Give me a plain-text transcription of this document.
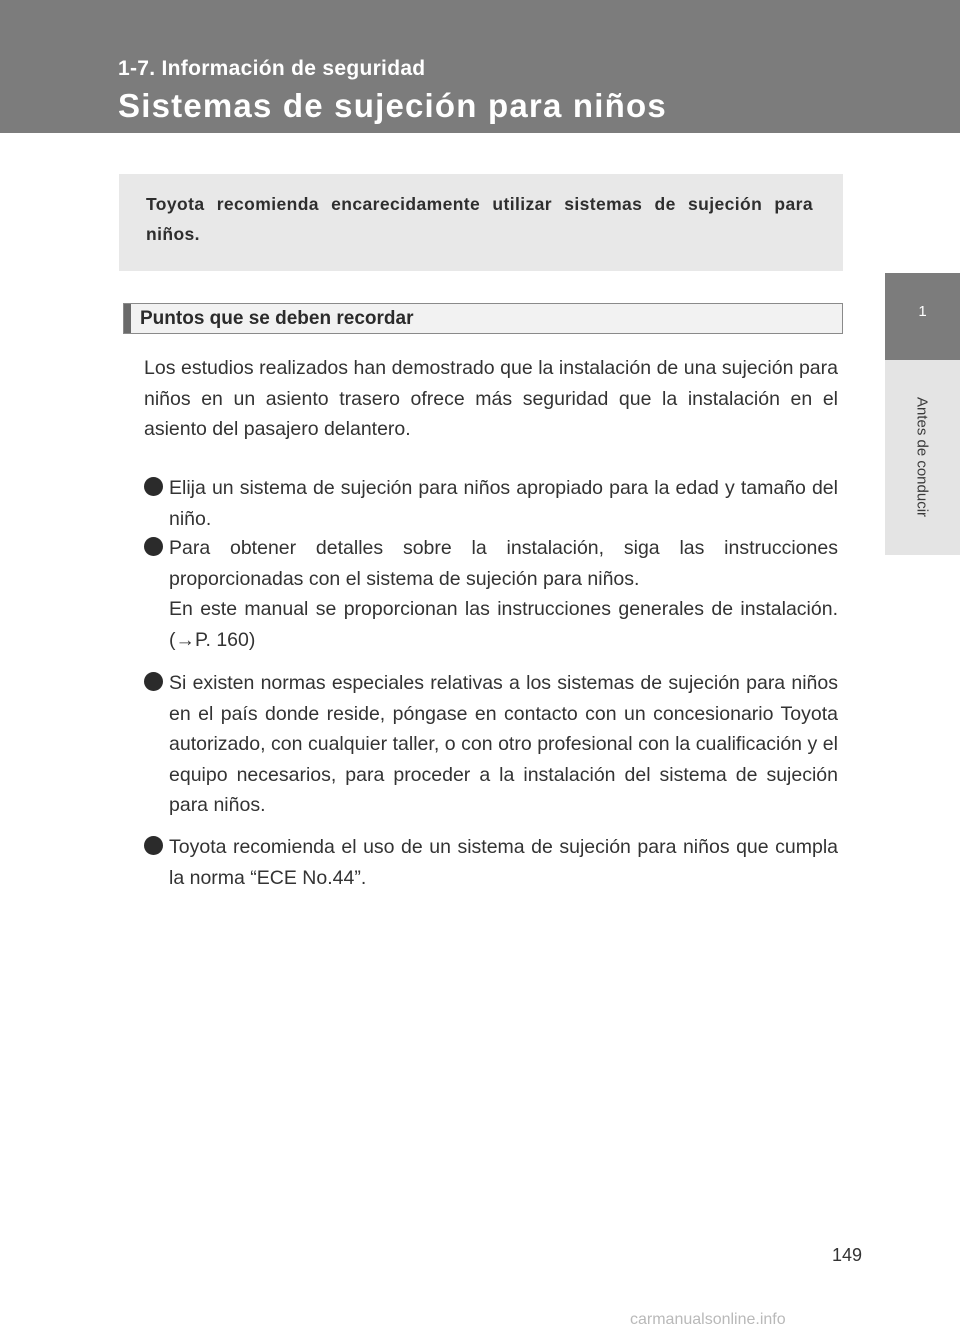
1-7. Información de seguridad
Sistemas de sujeción para niños
1
Antes de conducir

Toyota recomienda encarecidamente utilizar sistemas de sujeción para niños.

Puntos que se deben recordar

Los estudios realizados han demostrado que la instalación de una sujeción para niños en un asiento trasero ofrece más seguridad que la instalación en el asiento del pasajero delantero.

Elija un sistema de sujeción para niños apropiado para la edad y tamaño del niño.

Para obtener detalles sobre la instalación, siga las instrucciones proporcionadas con el sistema de sujeción para niños.

En este manual se proporcionan las instrucciones generales de instalación. (→P. 160)

Si existen normas especiales relativas a los sistemas de sujeción para niños en el país donde reside, póngase en contacto con un concesionario Toyota autorizado, con cualquier taller, o con otro profesional con la cualificación y el equipo necesarios, para proceder a la instalación del sistema de sujeción para niños.

Toyota recomienda el uso de un sistema de sujeción para niños que cumpla la norma “ECE No.44”.

149
carmanualsonline.info
